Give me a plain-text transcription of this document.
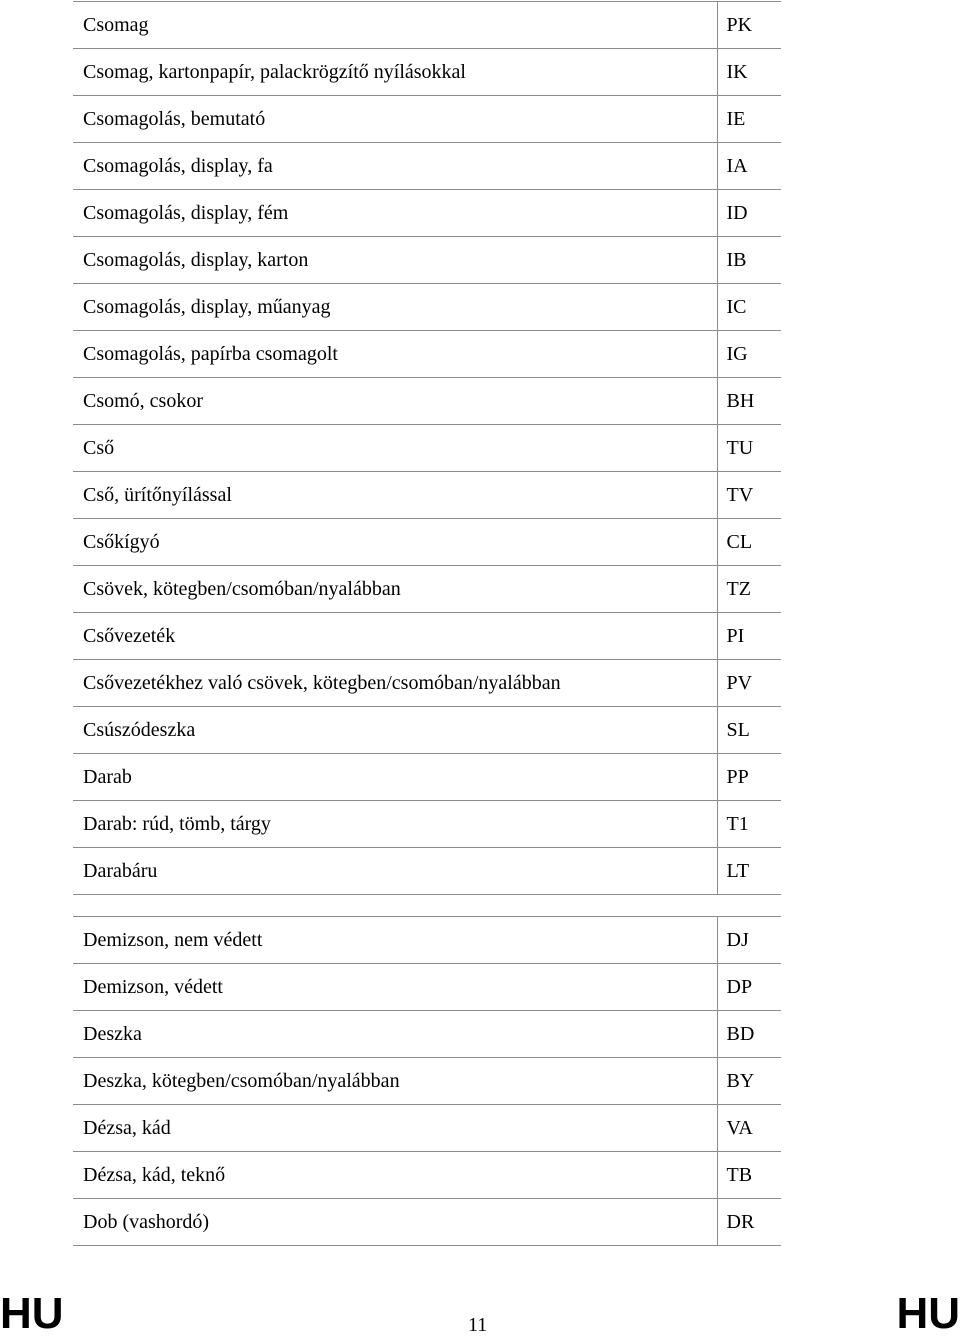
Csomag	PK
Csomag, kartonpapír, palackrögzítő nyílásokkal	IK
Csomagolás, bemutató	IE
Csomagolás, display, fa	IA
Csomagolás, display, fém	ID
Csomagolás, display, karton	IB
Csomagolás, display, műanyag	IC
Csomagolás, papírba csomagolt	IG
Csomó, csokor	BH
Cső	TU
Cső, ürítőnyílással	TV
Csőkígyó	CL
Csövek, kötegben/csomóban/nyalábban	TZ
Csővezeték	PI
Csővezetékhez való csövek, kötegben/csomóban/nyalábban	PV
Csúszódeszka	SL
Darab	PP
Darab: rúd, tömb, tárgy	T1
Darabáru	LT
Demizson, nem védett	DJ
Demizson, védett	DP
Deszka	BD
Deszka, kötegben/csomóban/nyalábban	BY
Dézsa, kád	VA
Dézsa, kád, teknő	TB
Dob (vashordó)	DR
HU	11	HU
